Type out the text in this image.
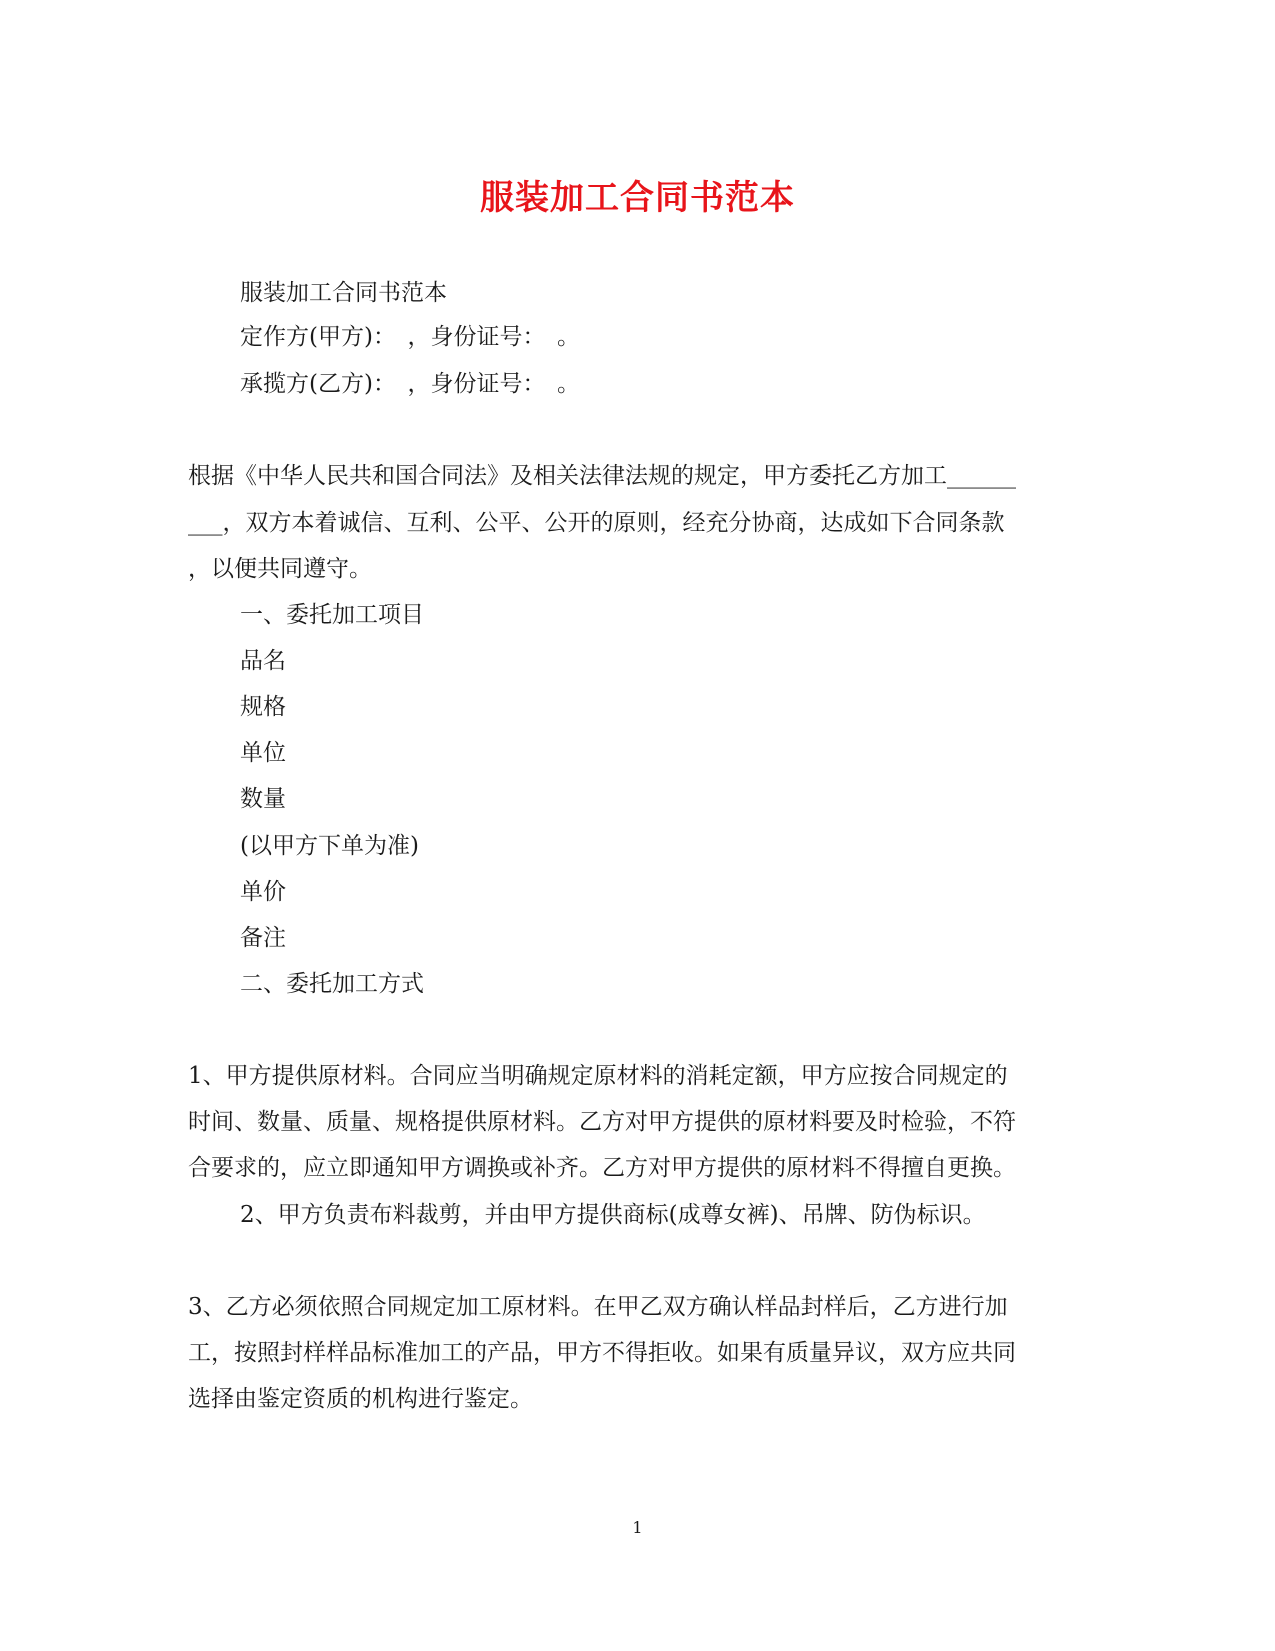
服装加工合同书范本
服装加工合同书范本
定作方(甲方)：　，身份证号：　。
承揽方(乙方)：　，身份证号：　。
根据《中华人民共和国合同法》及相关法律法规的规定，甲方委托乙方加工______
___，双方本着诚信、互利、公平、公开的原则，经充分协商，达成如下合同条款
，以便共同遵守。
一、委托加工项目
品名
规格
单位
数量
(以甲方下单为准)
单价
备注
二、委托加工方式
1、甲方提供原材料。合同应当明确规定原材料的消耗定额，甲方应按合同规定的
时间、数量、质量、规格提供原材料。乙方对甲方提供的原材料要及时检验，不符
合要求的，应立即通知甲方调换或补齐。乙方对甲方提供的原材料不得擅自更换。
2、甲方负责布料裁剪，并由甲方提供商标(成尊女裤)、吊牌、防伪标识。
3、乙方必须依照合同规定加工原材料。在甲乙双方确认样品封样后，乙方进行加
工，按照封样样品标准加工的产品，甲方不得拒收。如果有质量异议，双方应共同
选择由鉴定资质的机构进行鉴定。
1
